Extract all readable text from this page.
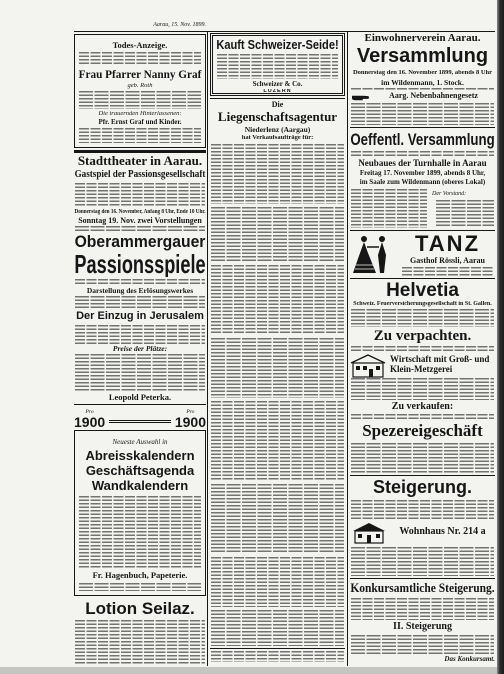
Aarau, 15. Nov. 1899.
Todes-Anzeige.
Frau Pfarrer Nanny Graf
geb. Roth
Die trauernden Hinterlassenen:
Pfr. Ernst Graf und Kinder.
Stadttheater in Aarau.
Gastspiel der Passionsgesellschaft
Donnerstag den 16. November, Anfang 8 Uhr, Ende 10 Uhr.
Sonntag 19. Nov. zwei Vorstellungen
Oberammergauer
Passionsspiele
Darstellung des Erlösungswerkes
Der Einzug in Jerusalem
Preise der Plätze:
Leopold Peterka.
Pro
1900
Pro
1900
Neueste Auswahl in
Abreisskalendern
Geschäftsagenda
Wandkalendern
Fr. Hagenbuch, Papeterie.
Lotion Seilaz.
Kauft Schweizer-Seide!
Schweizer & Co.
LUZERN
Die
Liegenschaftsagentur
Niederlenz (Aargau)
hat Verkaufsaufträge für:
Einwohnerverein Aarau.
Versammlung
Donnerstag den 16. November 1899, abends 8 Uhr
im Wildenmann, 1. Stock.
Aarg. Nebenbahnengesetz
Oeffentl. Versammlung
Neubaues der Turnhalle in Aarau
Freitag 17. November 1899, abends 8 Uhr,
im Saale zum Wildenmann (oberes Lokal)
Der Vorstand:
TANZ
Gasthof Rössli, Aarau
Helvetia
Schweiz. Feuerversicherungsgesellschaft in St. Gallen.
Zu verpachten.
Wirtschaft mit Groß- und Klein-Metzgerei
Zu verkaufen:
Spezereigeschäft
Steigerung.
Wohnhaus Nr. 214 a
Konkursamtliche Steigerung.
II. Steigerung
Das Konkursamt.
